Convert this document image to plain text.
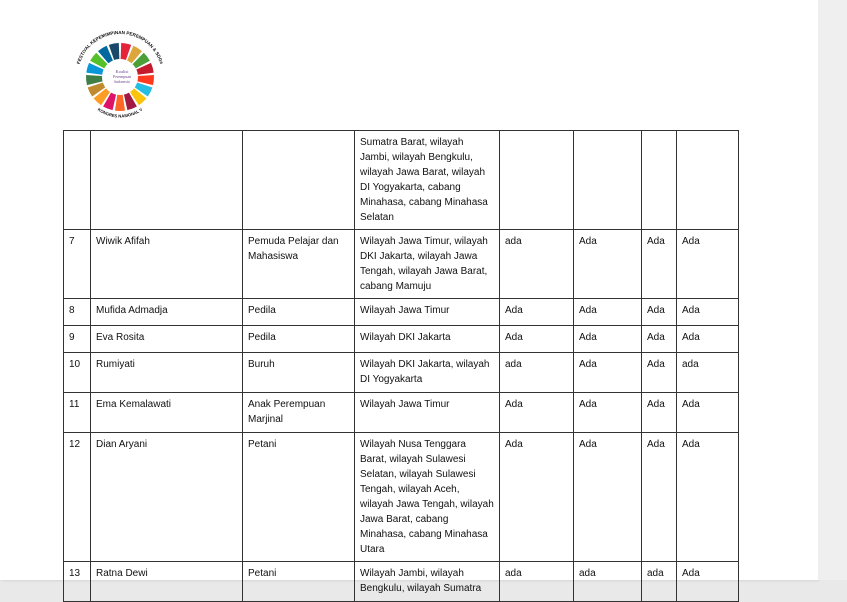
FESTIVAL KEPEMIMPINAN PEREMPUAN & SDGs
KONGRES NASIONAL V
Koalisi
Perempuan
Indonesia
			Sumatra Barat, wilayah Jambi, wilayah Bengkulu, wilayah Jawa Barat, wilayah DI Yogyakarta, cabang Minahasa, cabang Minahasa Selatan				
7	Wiwik Afifah	Pemuda Pelajar dan Mahasiswa	Wilayah Jawa Timur, wilayah DKI Jakarta, wilayah Jawa Tengah, wilayah Jawa Barat, cabang Mamuju	ada	Ada	Ada	Ada
8	Mufida Admadja	Pedila	Wilayah Jawa Timur	Ada	Ada	Ada	Ada
9	Eva Rosita	Pedila	Wilayah DKI Jakarta	Ada	Ada	Ada	Ada
10	Rumiyati	Buruh	Wilayah DKI Jakarta, wilayah DI Yogyakarta	ada	Ada	Ada	ada
11	Ema Kemalawati	Anak Perempuan Marjinal	Wilayah Jawa Timur	Ada	Ada	Ada	Ada
12	Dian Aryani	Petani	Wilayah Nusa Tenggara Barat, wilayah Sulawesi Selatan, wilayah Sulawesi Tengah, wilayah Aceh, wilayah Jawa Tengah, wilayah Jawa Barat, cabang Minahasa, cabang Minahasa Utara	Ada	Ada	Ada	Ada
13	Ratna Dewi	Petani	Wilayah Jambi, wilayah Bengkulu, wilayah Sumatra	ada	ada	ada	Ada
